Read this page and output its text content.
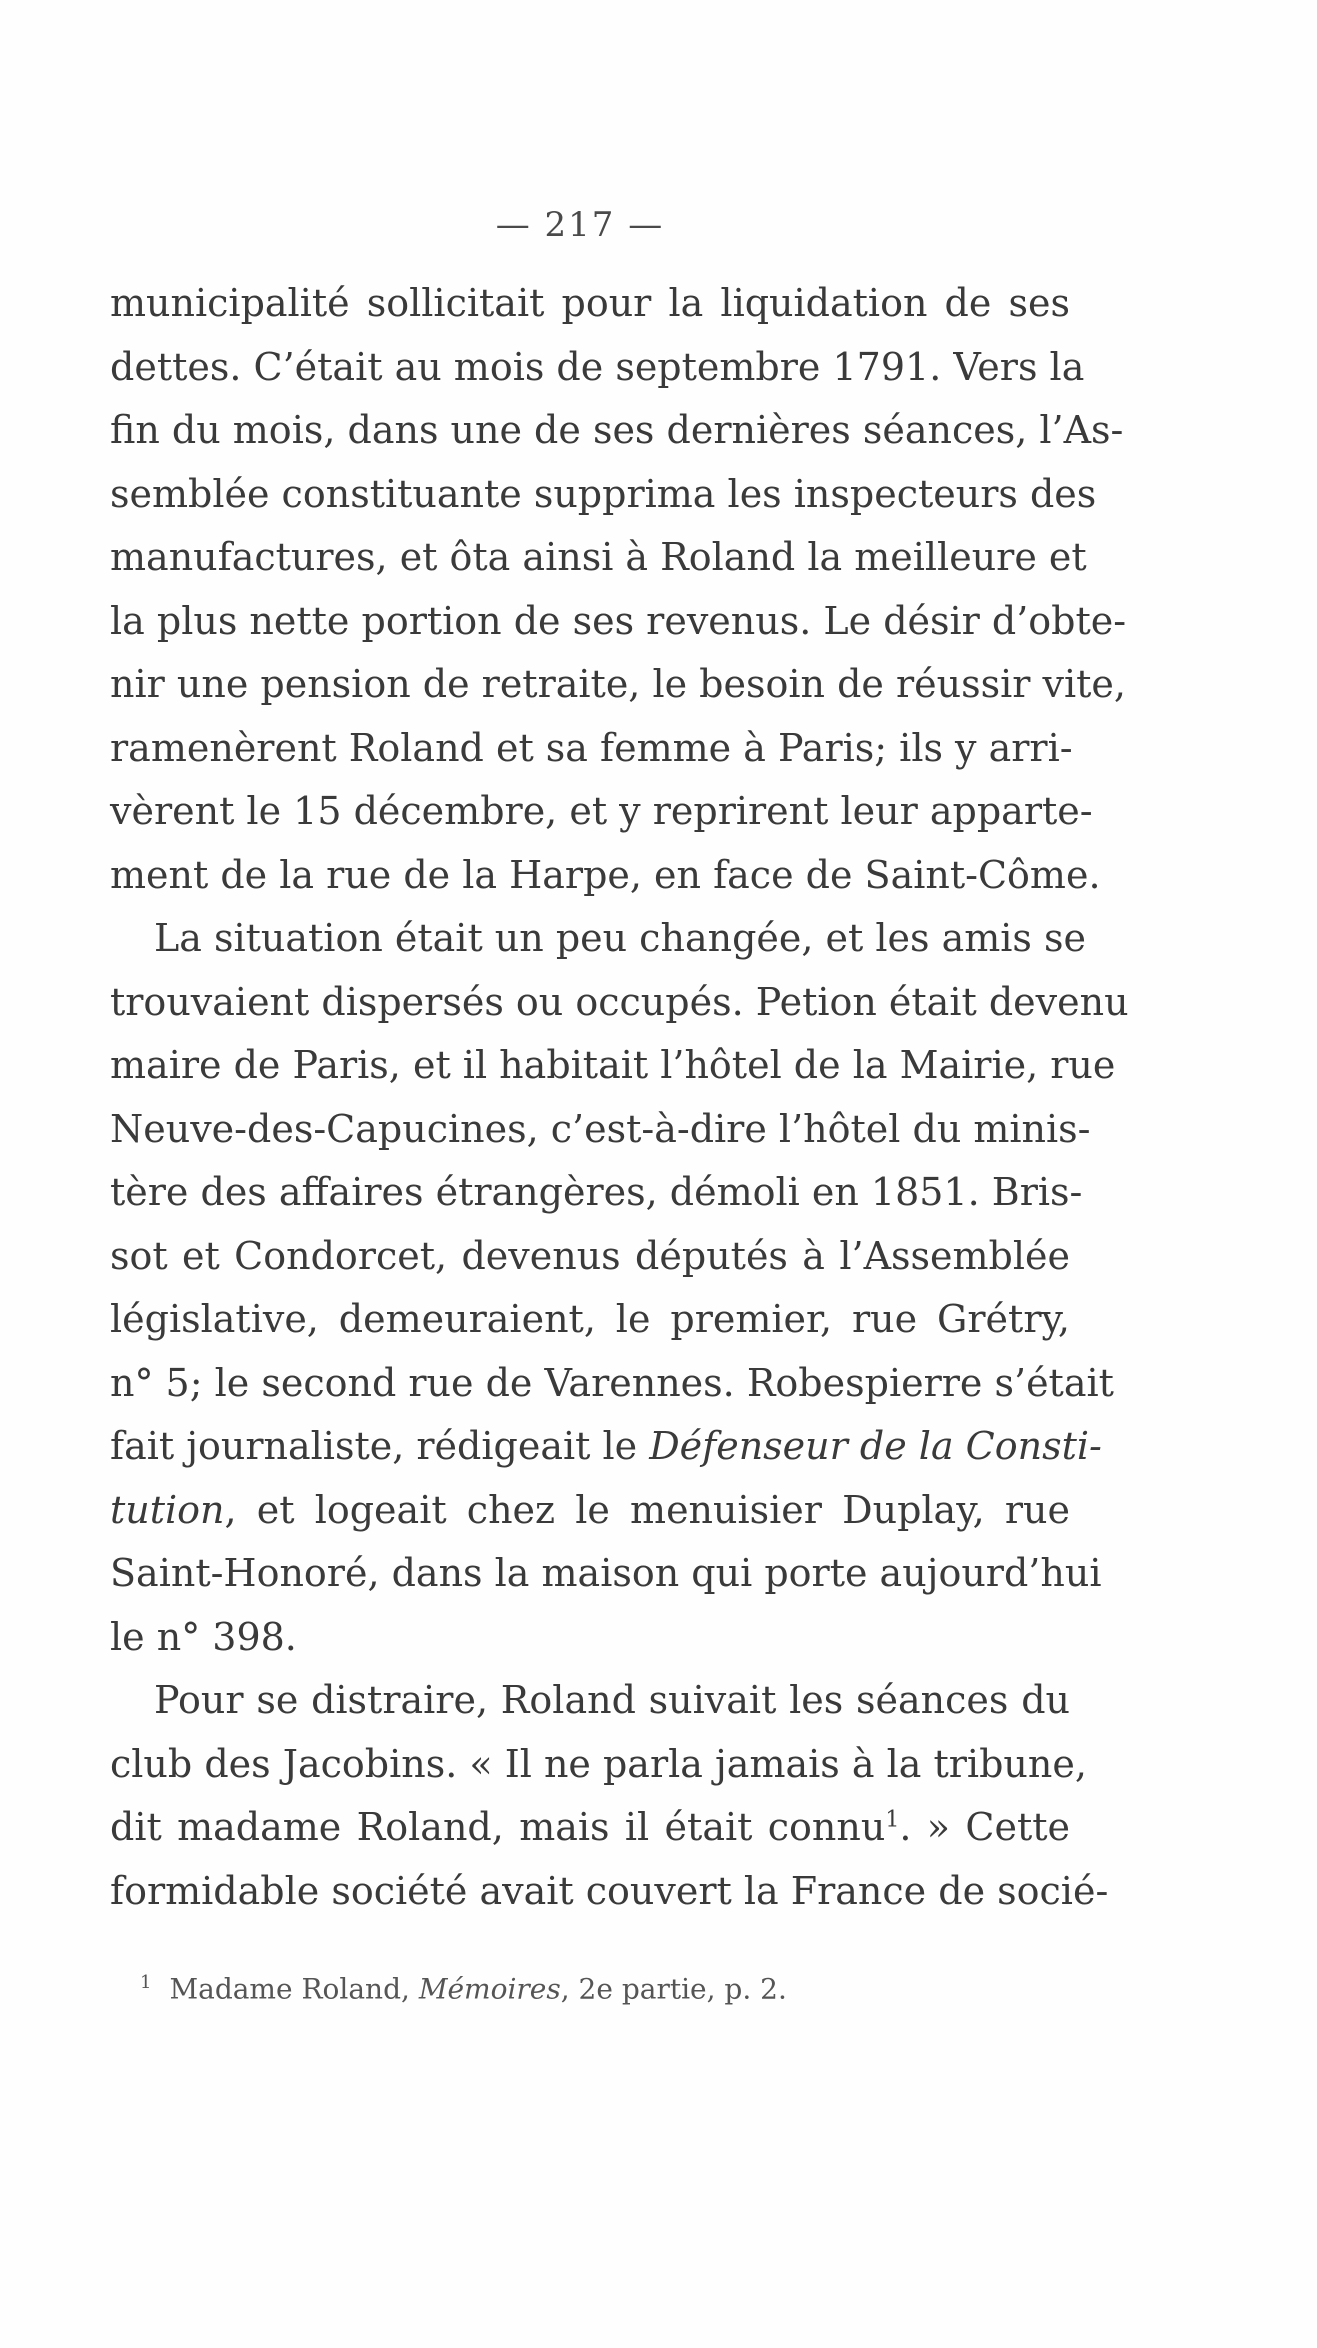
— 217 —
municipalité sollicitait pour la liquidation de ses
dettes. C’était au mois de septembre 1791. Vers la
fin du mois, dans une de ses dernières séances, l’As-
semblée constituante supprima les inspecteurs des
manufactures, et ôta ainsi à Roland la meilleure et
la plus nette portion de ses revenus. Le désir d’obte-
nir une pension de retraite, le besoin de réussir vite,
ramenèrent Roland et sa femme à Paris; ils y arri-
vèrent le 15 décembre, et y reprirent leur apparte-
ment de la rue de la Harpe, en face de Saint-Côme.
La situation était un peu changée, et les amis se
trouvaient dispersés ou occupés. Petion était devenu
maire de Paris, et il habitait l’hôtel de la Mairie, rue
Neuve-des-Capucines, c’est-à-dire l’hôtel du minis-
tère des affaires étrangères, démoli en 1851. Bris-
sot et Condorcet, devenus députés à l’Assemblée
législative, demeuraient, le premier, rue Grétry,
n° 5; le second rue de Varennes. Robespierre s’était
fait journaliste, rédigeait le Défenseur de la Consti-
tution, et logeait chez le menuisier Duplay, rue
Saint-Honoré, dans la maison qui porte aujourd’hui
le n° 398.
Pour se distraire, Roland suivait les séances du
club des Jacobins. « Il ne parla jamais à la tribune,
dit madame Roland, mais il était connu$^1$. » Cette
formidable société avait couvert la France de socié-
$^1$ Madame Roland, Mémoires, 2e partie, p. 2.
